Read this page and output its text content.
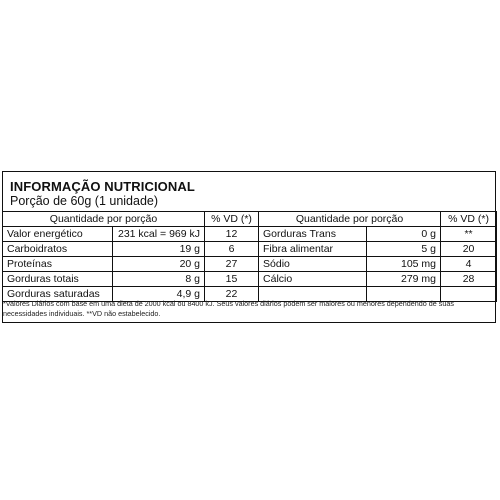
INFORMAÇÃO NUTRICIONAL
Porção de 60g (1 unidade)
Quantidade por porção		% VD (*)	Quantidade por porção		% VD (*)
Valor energético	231 kcal = 969 kJ	12	Gorduras Trans	0 g	**
Carboidratos	19 g	6	Fibra alimentar	5 g	20
Proteínas	20 g	27	Sódio	105 mg	4
Gorduras totais	8 g	15	Cálcio	279 mg	28
Gorduras saturadas	4,9 g	22			
*Valores Diários com base em uma dieta de 2000 kcal ou 8400 kJ. Seus valores diários podem ser maiores ou menores dependendo de suas necessidades individuais. **VD não estabelecido.
